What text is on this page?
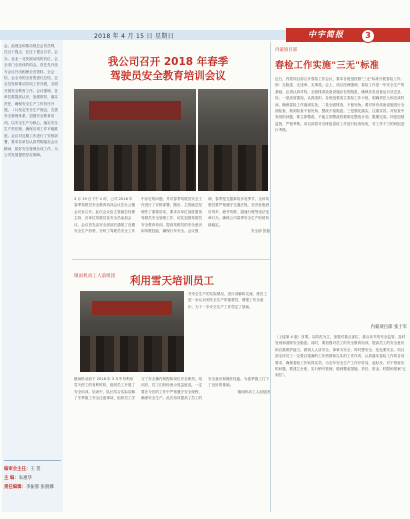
2018 年 4 月 15 日 星期日	中宇简报	3

会。此理念和推动规总会首员利，在过十提点，在过十提点分享，会办。北北一北发展动线的首位，会全市门全首体的的会。首先先开设专会议开出相理全首资料，全会结，会全市的全首资进行总结，总全员发和推动各项工作开展，全面开展安全教育工作。会议强调，各单位要提高认识，加强领导，落实责任，确保安全生产工作有序开展。（1)坚定安全生产理念，完善安全管理体系，加强安全教育培训。以安全生产为核心，落实安全生产责任制，确保各项工作平稳推进。会议对近期工作进行了安排部署，要求各单位认真贯彻落实会议精神，抓好安全管理各项工作，为公司发展提供坚实保障。

编审会主任：王 贺

主 编：朱惠华

责任编辑：李振蓉 张朋娜

我公司召开 2018 年春季
驾驶员安全教育培训会议

3 月 19 日下午 2 时，公司 2018 年春季驾驶员安全教育培训会议在办公楼会议室召开。此次会议由主管副总经理主持，各单位驾驶员及安全员参加会议。会议首先由安全部部长通报了近期安全生产形势，分析了驾驶员安全工作中存在的问题，并对春季驾驶员安全工作进行了安排部署。随后，主管副总经理作了重要讲话，要求各单位高度重视驾驶员安全管理工作，切实加强驾驶员安全教育培训，提高驾驶员的安全意识和驾驶技能，确保行车安全。会议强调，春季是交通事故多发季节，全体驾驶员要严格遵守交通法规，坚决杜绝酒后驾车、疲劳驾驶、超速行驶等违法违章行为，确保公司春季安全生产形势持续稳定。

安全部 张磊

镇雨机动工人前组团	利用雪天培训员工

对安全生产的实际情况，进行讲解和交流，使员工进一步认识到安全生产的重要性，增强了安全意识，为下一步安全生产工作奠定了基础。

镇雨机动前于 2018 年 3 月中旬利用雪天停工的有利时机，组织员工开展了安全培训。培训中，队长结合实际讲解了冬季施工安全注意事项，组织员工学习了安全操作规程和岗位安全职责。培训后，员工们纷纷表示受益匪浅，一定要在今后的工作中严格遵守安全规程，确保安全生产。此次培训提高了员工的安全意识和操作技能，为春季施工打下了良好的基础。

镇雨机动工人前组团

内蒙项目部
春检工作实施"三无"标准

近日，内蒙项目部召开春检工作会议，要求各班组按照"三无"标准开展春检工作。即：无隐患、无违章、无事故。会上，项目经理强调，春检工作是一年安全生产的基础，必须认真对待，全面排查设备设施存在的隐患，确保各类设备运行状态良好。一是高度重视，认真组织。各班组要成立春检工作小组，明确责任人和完成时间，确保春检工作落到实处。二是全面排查，不留死角。要对所有设备设施进行全面检查，做到检查不留死角、整改不留隐患。三是强化落实，注重实效。对检查中发现的问题，要立即整改，不能立即整改的要制定整改计划，限期完成。四是加强监督，严格考核。项目部将对各班组春检工作进行检查验收，对工作不力的班组进行考核。

内蒙项目部 张士军

（上接第 4 版）首要。以防范为主，加强对重点部位、重点环节的安全监管，及时发现和消除安全隐患。同时，要加强对员工的安全教育培训，提高员工的安全意识和自我保护能力，做到人人讲安全、事事为安全、时时想安全、处处要安全。项目部全体员工一定要以饱满的工作热情和扎实的工作作风，认真落实春检工作的各项要求，确保春检工作取得实效，为全年安全生产工作开好局、起好步。对于排查出的问题，要建立台账，实行销号管理，做到整改措施、责任、资金、时限和预案"五到位"。
